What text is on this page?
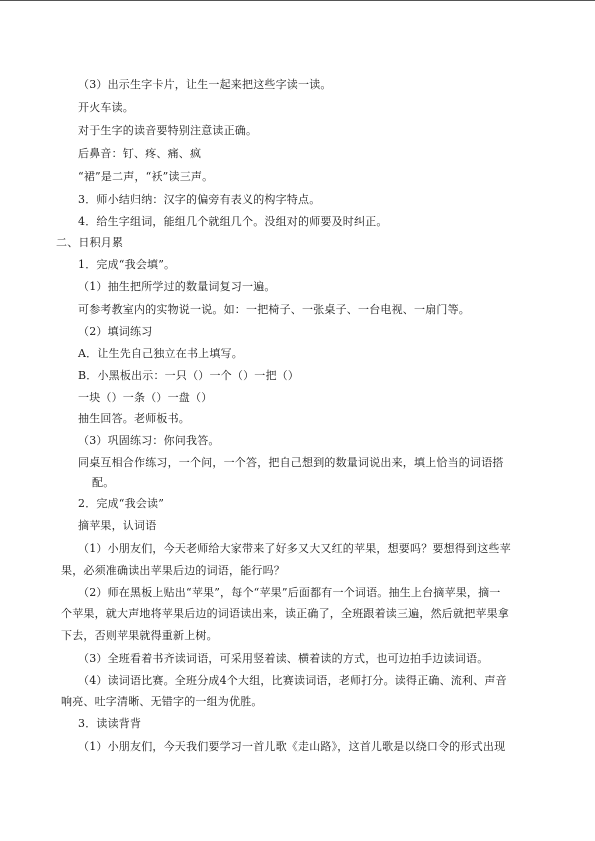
（3）出示生字卡片，让生一起来把这些字读一读。
开火车读。
对于生字的读音要特别注意读正确。
后鼻音：钉、疼、痛、疯
“裙”是二声，“袄”读三声。
3．师小结归纳：汉字的偏旁有表义的构字特点。
4．给生字组词，能组几个就组几个。没组对的师要及时纠正。
二、日积月累
1．完成“我会填”。
（1）抽生把所学过的数量词复习一遍。
可参考教室内的实物说一说。如：一把椅子、一张桌子、一台电视、一扇门等。
（2）填词练习
A．让生先自己独立在书上填写。
B．小黑板出示：一只（）一个（）一把（）
一块（）一条（）一盘（）
抽生回答。老师板书。
（3）巩固练习：你问我答。
同桌互相合作练习，一个问，一个答，把自己想到的数量词说出来，填上恰当的词语搭
配。
2．完成“我会读”
摘苹果，认词语
（1）小朋友们，今天老师给大家带来了好多又大又红的苹果，想要吗？要想得到这些苹
果，必须准确读出苹果后边的词语，能行吗？
（2）师在黑板上贴出“苹果”，每个“苹果”后面都有一个词语。抽生上台摘苹果，摘一
个苹果，就大声地将苹果后边的词语读出来，读正确了，全班跟着读三遍，然后就把苹果拿
下去，否则苹果就得重新上树。
（3）全班看着书齐读词语，可采用竖着读、横着读的方式，也可边拍手边读词语。
（4）读词语比赛。全班分成4个大组，比赛读词语，老师打分。读得正确、流利、声音
响亮、吐字清晰、无错字的一组为优胜。
3．读读背背
（1）小朋友们，今天我们要学习一首儿歌《走山路》，这首儿歌是以绕口令的形式出现
